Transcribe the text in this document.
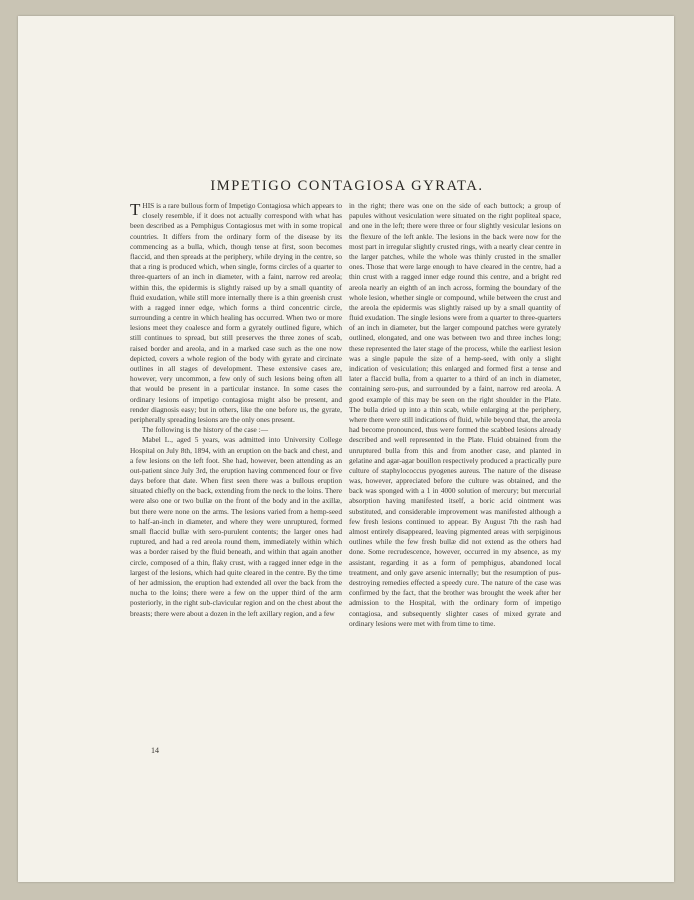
IMPETIGO CONTAGIOSA GYRATA.

THIS is a rare bullous form of Impetigo Contagiosa which appears to closely resemble, if it does not actually correspond with what has been described as a Pemphigus Contagiosus met with in some tropical countries. It differs from the ordinary form of the disease by its commencing as a bulla, which, though tense at first, soon becomes flaccid, and then spreads at the periphery, while drying in the centre, so that a ring is produced which, when single, forms circles of a quarter to three-quarters of an inch in diameter, with a faint, narrow red areola; within this, the epidermis is slightly raised up by a small quantity of fluid exudation, while still more internally there is a thin greenish crust with a ragged inner edge, which forms a third concentric circle, surrounding a centre in which healing has occurred. When two or more lesions meet they coalesce and form a gyrately outlined figure, which still continues to spread, but still preserves the three zones of scab, raised border and areola, and in a marked case such as the one now depicted, covers a whole region of the body with gyrate and circinate outlines in all stages of development. These extensive cases are, however, very uncommon, a few only of such lesions being often all that would be present in a particular instance. In some cases the ordinary lesions of impetigo contagiosa might also be present, and render diagnosis easy; but in others, like the one before us, the gyrate, peripherally spreading lesions are the only ones present.

The following is the history of the case :—

Mabel L., aged 5 years, was admitted into University College Hospital on July 8th, 1894, with an eruption on the back and chest, and a few lesions on the left foot. She had, however, been attending as an out-patient since July 3rd, the eruption having commenced four or five days before that date. When first seen there was a bullous eruption situated chiefly on the back, extending from the neck to the loins. There were also one or two bullæ on the front of the body and in the axillæ, but there were none on the arms. The lesions varied from a hemp-seed to half-an-inch in diameter, and where they were unruptured, formed small flaccid bullæ with sero-purulent contents; the larger ones had ruptured, and had a red areola round them, immediately within which was a border raised by the fluid beneath, and within that again another circle, composed of a thin, flaky crust, with a ragged inner edge in the largest of the lesions, which had quite cleared in the centre. By the time of her admission, the eruption had extended all over the back from the nucha to the loins; there were a few on the upper third of the arm posteriorly, in the right sub-clavicular region and on the chest about the breasts; there were about a dozen in the left axillary region, and a few

in the right; there was one on the side of each buttock; a group of papules without vesiculation were situated on the right popliteal space, and one in the left; there were three or four slightly vesicular lesions on the flexure of the left ankle. The lesions in the back were now for the most part in irregular slightly crusted rings, with a nearly clear centre in the larger patches, while the whole was thinly crusted in the smaller ones. Those that were large enough to have cleared in the centre, had a thin crust with a ragged inner edge round this centre, and a bright red areola nearly an eighth of an inch across, forming the boundary of the whole lesion, whether single or compound, while between the crust and the areola the epidermis was slightly raised up by a small quantity of fluid exudation. The single lesions were from a quarter to three-quarters of an inch in diameter, but the larger compound patches were gyrately outlined, elongated, and one was between two and three inches long; these represented the later stage of the process, while the earliest lesion was a single papule the size of a hemp-seed, with only a slight indication of vesiculation; this enlarged and formed first a tense and later a flaccid bulla, from a quarter to a third of an inch in diameter, containing sero-pus, and surrounded by a faint, narrow red areola. A good example of this may be seen on the right shoulder in the Plate. The bulla dried up into a thin scab, while enlarging at the periphery, where there were still indications of fluid, while beyond that, the areola had become pronounced, thus were formed the scabbed lesions already described and well represented in the Plate. Fluid obtained from the unruptured bulla from this and from another case, and planted in gelatine and agar-agar bouillon respectively produced a practically pure culture of staphylococcus pyogenes aureus. The nature of the disease was, however, appreciated before the culture was obtained, and the back was sponged with a 1 in 4000 solution of mercury; but mercurial absorption having manifested itself, a boric acid ointment was substituted, and considerable improvement was manifested although a few fresh lesions continued to appear. By August 7th the rash had almost entirely disappeared, leaving pigmented areas with serpiginous outlines while the few fresh bullæ did not extend as the others had done. Some recrudescence, however, occurred in my absence, as my assistant, regarding it as a form of pemphigus, abandoned local treatment, and only gave arsenic internally; but the resumption of pus-destroying remedies effected a speedy cure. The nature of the case was confirmed by the fact, that the brother was brought the week after her admission to the Hospital, with the ordinary form of impetigo contagiosa, and subsequently slighter cases of mixed gyrate and ordinary lesions were met with from time to time.

14
